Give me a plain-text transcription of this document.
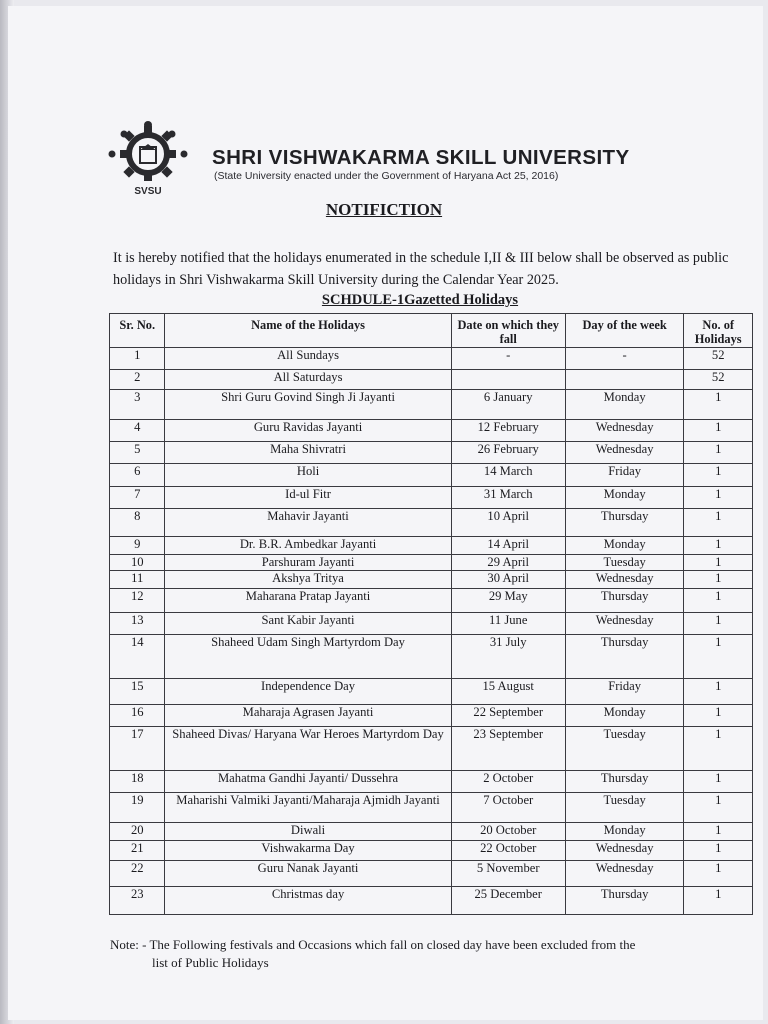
SVSU
SHRI VISHWAKARMA SKILL UNIVERSITY
(State University enacted under the Government of Haryana Act 25, 2016)
NOTIFICTION
It is hereby notified that the holidays enumerated in the schedule I,II & III below shall be observed as public holidays in Shri Vishwakarma Skill University during the Calendar Year 2025.
SCHDULE-1Gazetted Holidays
Sr. No.	Name of the Holidays	Date on which they fall	Day of the week	No. of Holidays
1	All Sundays	-	-	52
2	All Saturdays			52
3	Shri Guru Govind Singh Ji Jayanti	6 January	Monday	1
4	Guru Ravidas Jayanti	12 February	Wednesday	1
5	Maha Shivratri	26 February	Wednesday	1
6	Holi	14 March	Friday	1
7	Id-ul Fitr	31 March	Monday	1
8	Mahavir Jayanti	10 April	Thursday	1
9	Dr. B.R. Ambedkar Jayanti	14 April	Monday	1
10	Parshuram Jayanti	29 April	Tuesday	1
11	Akshya Tritya	30 April	Wednesday	1
12	Maharana Pratap Jayanti	29 May	Thursday	1
13	Sant Kabir Jayanti	11 June	Wednesday	1
14	Shaheed Udam Singh Martyrdom Day	31 July	Thursday	1
15	Independence Day	15 August	Friday	1
16	Maharaja Agrasen Jayanti	22 September	Monday	1
17	Shaheed Divas/ Haryana War Heroes Martyrdom Day	23 September	Tuesday	1
18	Mahatma Gandhi Jayanti/ Dussehra	2 October	Thursday	1
19	Maharishi Valmiki Jayanti/Maharaja Ajmidh Jayanti	7 October	Tuesday	1
20	Diwali	20 October	Monday	1
21	Vishwakarma Day	22 October	Wednesday	1
22	Guru Nanak Jayanti	5 November	Wednesday	1
23	Christmas day	25 December	Thursday	1
Note: - The Following festivals and Occasions which fall on closed day have been excluded from the
list of Public Holidays
